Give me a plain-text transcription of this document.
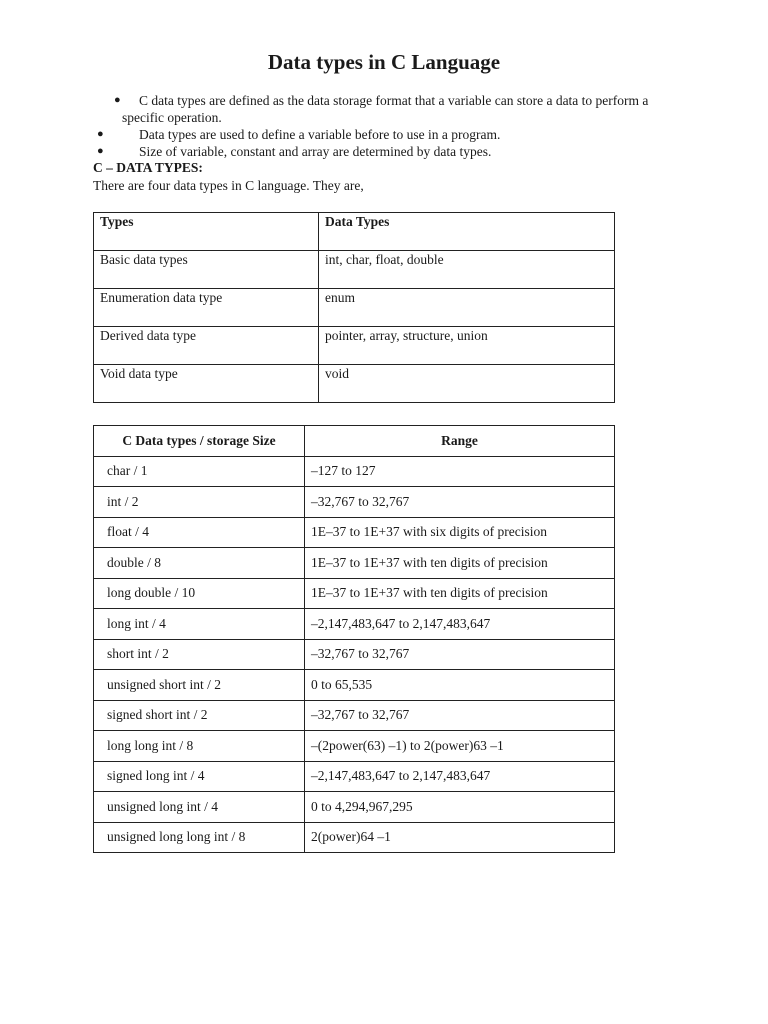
Data types in C Language
● C data types are defined as the data storage format that a variable can store a data to perform a specific operation.
●	Data types are used to define a variable before to use in a program.
●	Size of variable, constant and array are determined by data types.
C – DATA TYPES:
There are four data types in C language. They are,
Types	Data Types
Basic data types	int, char, float, double
Enumeration data type	enum
Derived data type	pointer, array, structure, union
Void data type	void
C Data types / storage Size	Range
char / 1	–127 to 127
int / 2	–32,767 to 32,767
float / 4	1E–37 to 1E+37 with six digits of precision
double / 8	1E–37 to 1E+37 with ten digits of precision
long double / 10	1E–37 to 1E+37 with ten digits of precision
long int / 4	–2,147,483,647 to 2,147,483,647
short int / 2	–32,767 to 32,767
unsigned short int / 2	0 to 65,535
signed short int / 2	–32,767 to 32,767
long long int / 8	–(2power(63) –1) to 2(power)63 –1
signed long int / 4	–2,147,483,647 to 2,147,483,647
unsigned long int / 4	0 to 4,294,967,295
unsigned long long int / 8	2(power)64 –1
